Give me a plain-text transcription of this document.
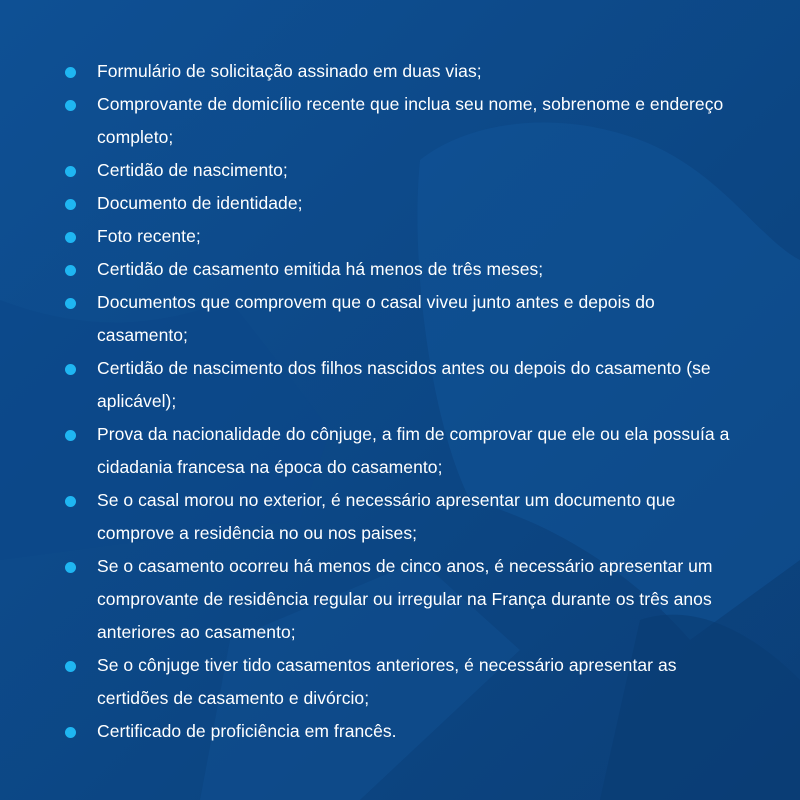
Formulário de solicitação assinado em duas vias;
Comprovante de domicílio recente que inclua seu nome, sobrenome e endereço completo;
Certidão de nascimento;
Documento de identidade;
Foto recente;
Certidão de casamento emitida há menos de três meses;
Documentos que comprovem que o casal viveu junto antes e depois do casamento;
Certidão de nascimento dos filhos nascidos antes ou depois do casamento (se aplicável);
Prova da nacionalidade do cônjuge, a fim de comprovar que ele ou ela possuía a cidadania francesa na época do casamento;
Se o casal morou no exterior, é necessário apresentar um documento que comprove a residência no ou nos paises;
Se o casamento ocorreu há menos de cinco anos, é necessário apresentar um comprovante de residência regular ou irregular na França durante os três anos anteriores ao casamento;
Se o cônjuge tiver tido casamentos anteriores, é necessário apresentar as certidões de casamento e divórcio;
Certificado de proficiência em francês.
